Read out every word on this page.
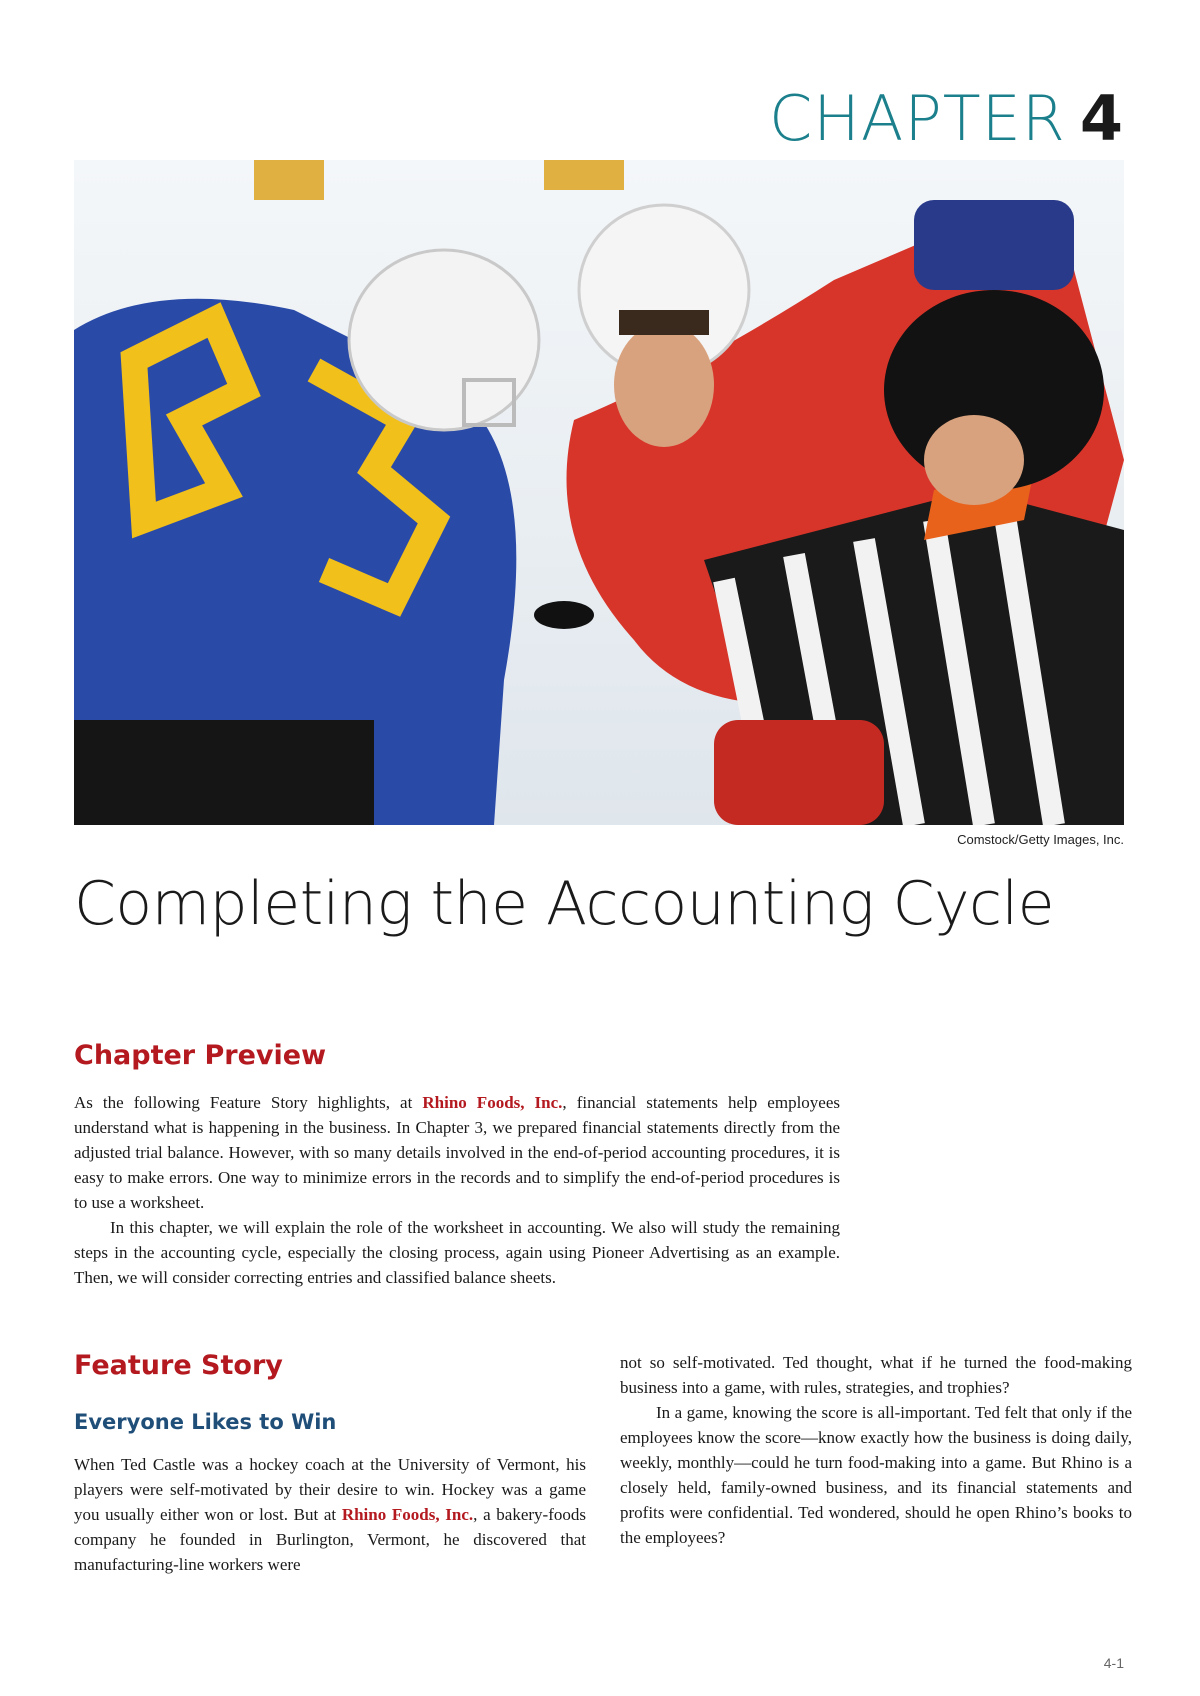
CHAPTER 4
Comstock/Getty Images, Inc.
Completing the Accounting Cycle
Chapter Preview

As the following Feature Story highlights, at Rhino Foods, Inc., financial statements help employees understand what is happening in the business. In Chapter 3, we prepared financial statements directly from the adjusted trial balance. However, with so many details involved in the end-of-period accounting procedures, it is easy to make errors. One way to minimize errors in the records and to simplify the end-of-period procedures is to use a worksheet.

In this chapter, we will explain the role of the worksheet in accounting. We also will study the remaining steps in the accounting cycle, especially the closing process, again using Pioneer Advertising as an example. Then, we will consider correcting entries and classified balance sheets.

Feature Story
Everyone Likes to Win

When Ted Castle was a hockey coach at the University of Vermont, his players were self-motivated by their desire to win. Hockey was a game you usually either won or lost. But at Rhino Foods, Inc., a bakery-foods company he founded in Burlington, Vermont, he discovered that manufacturing-line workers were

not so self-motivated. Ted thought, what if he turned the food-making business into a game, with rules, strategies, and trophies?

In a game, knowing the score is all-important. Ted felt that only if the employees know the score—know exactly how the business is doing daily, weekly, monthly—could he turn food-making into a game. But Rhino is a closely held, family-owned business, and its financial statements and profits were confidential. Ted wondered, should he open Rhino’s books to the employees?

4-1
